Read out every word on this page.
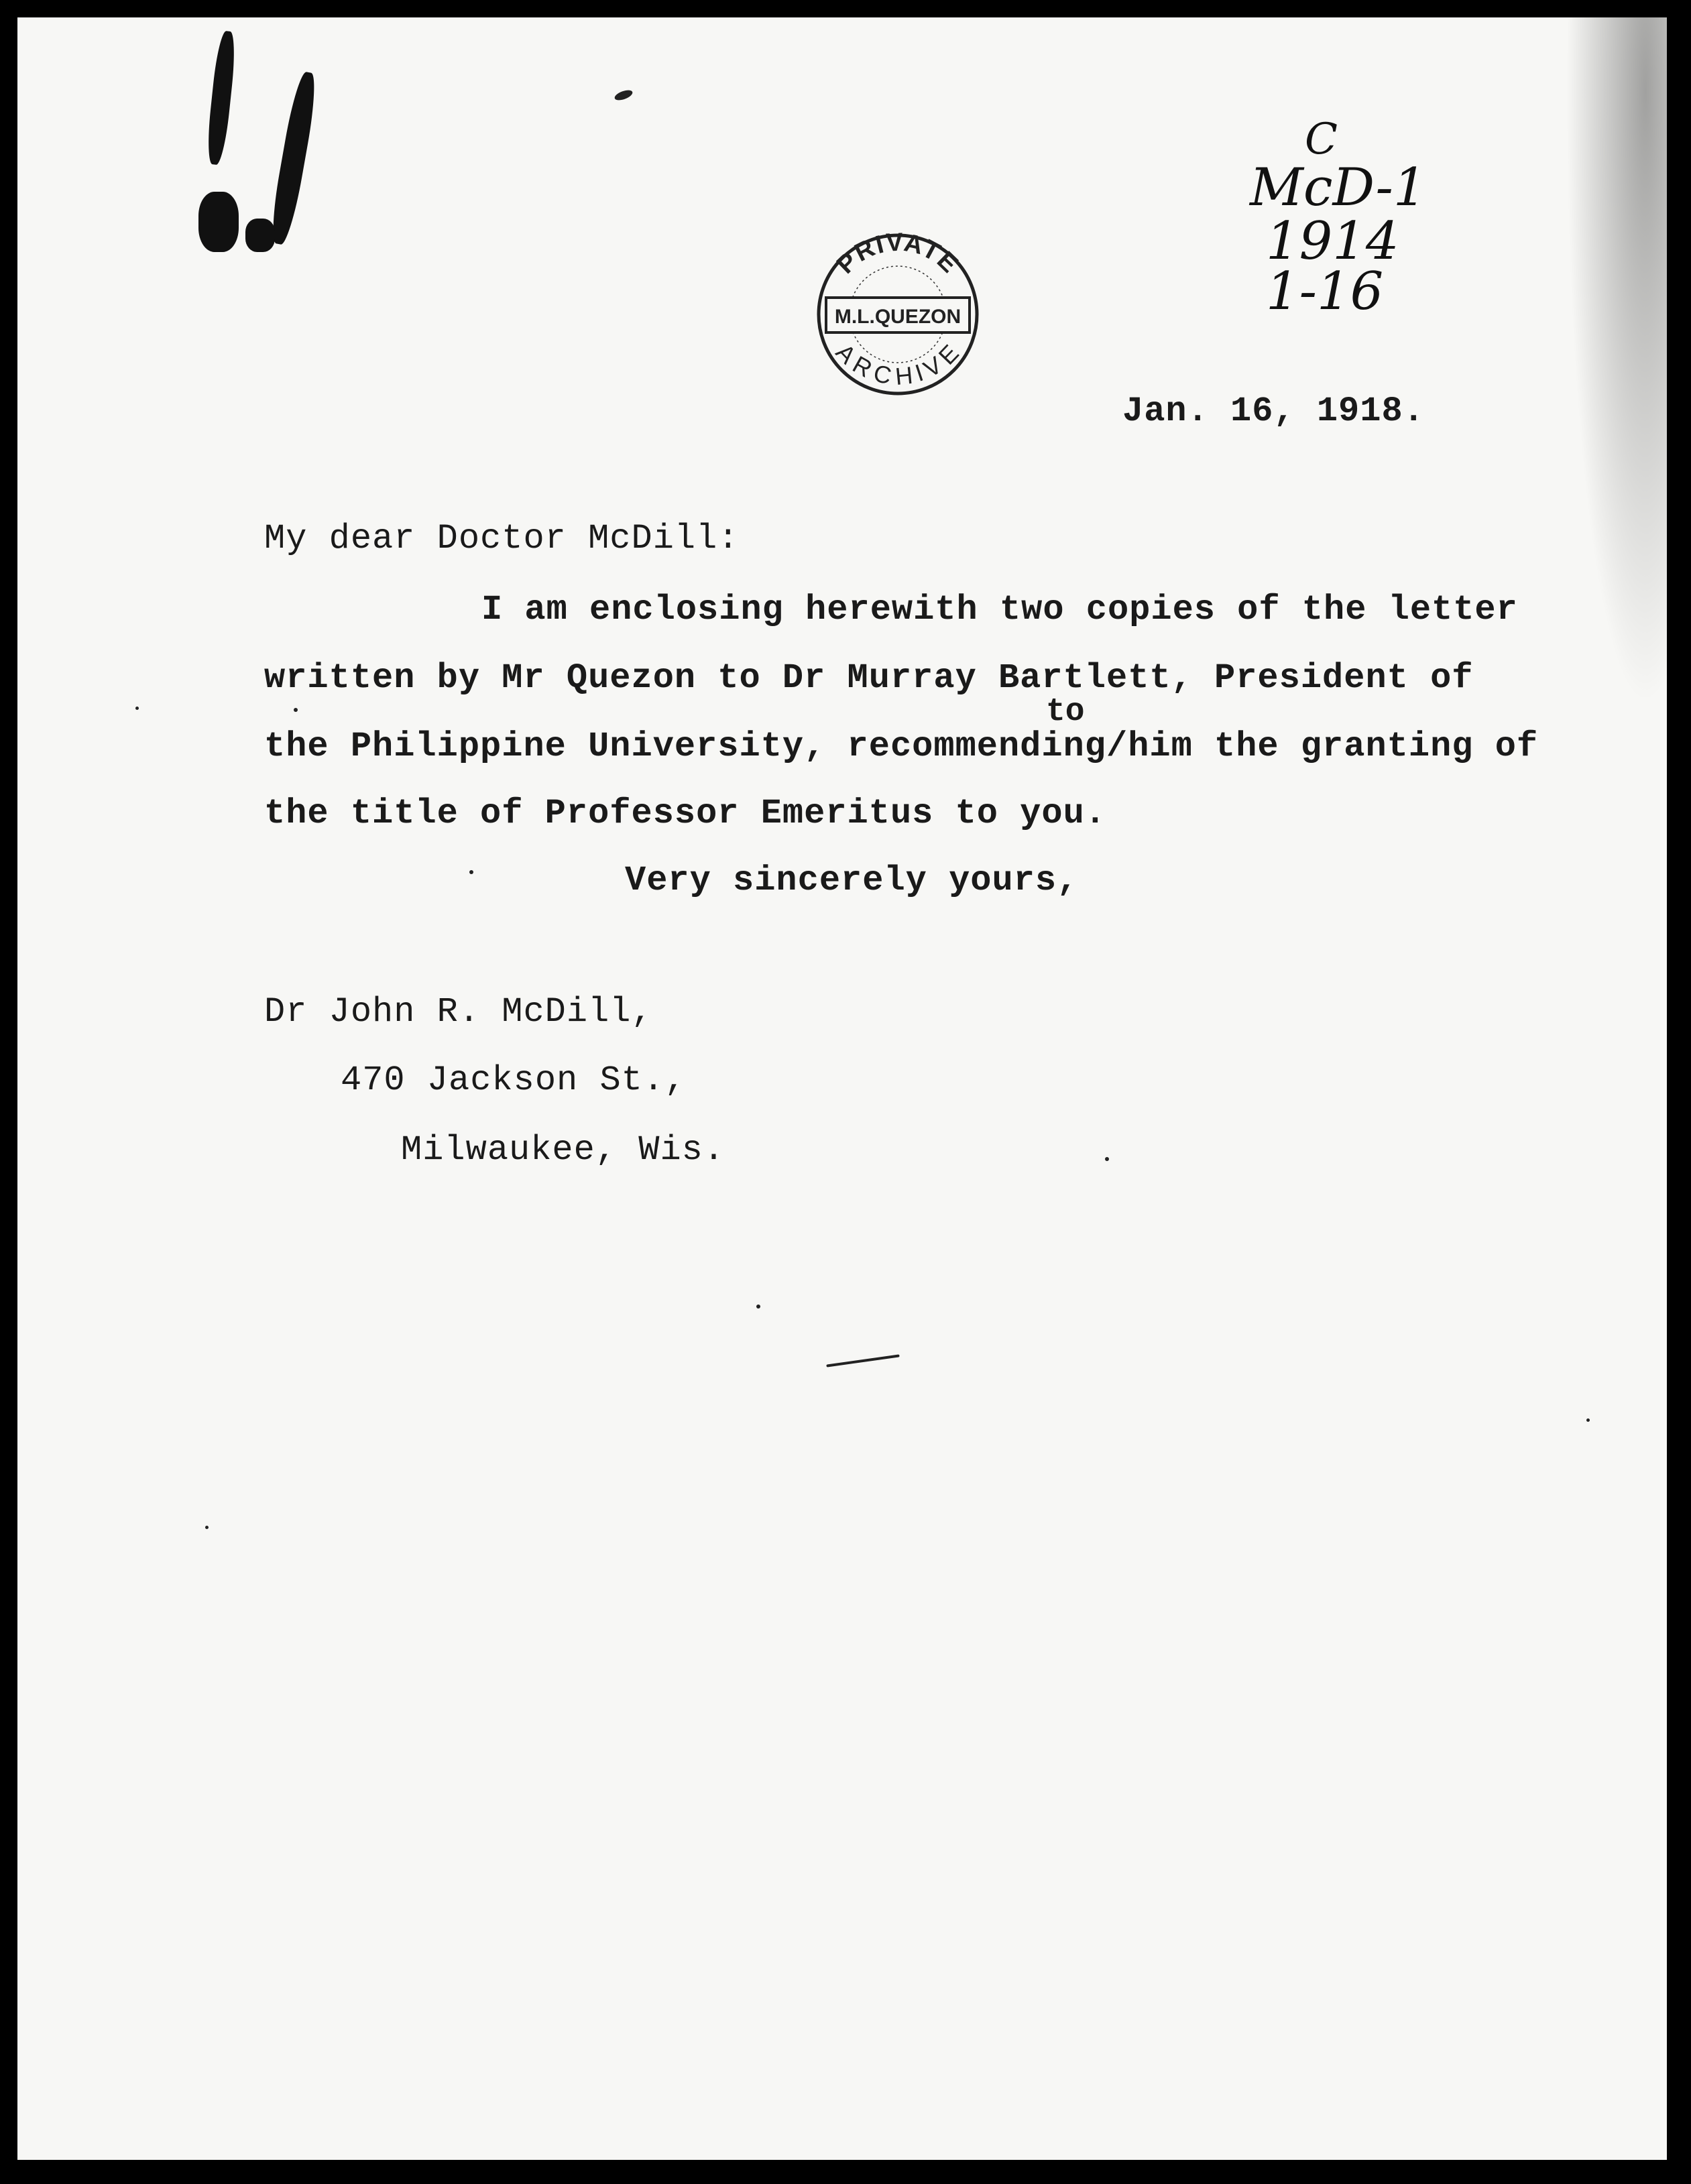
C
McD-1
1914
1-16
PRIVATE
M.L.QUEZON
ARCHIVE
Jan. 16, 1918.
My dear Doctor McDill:
I am enclosing herewith two copies of the letter
written by Mr Quezon to Dr Murray Bartlett, President of
to
the Philippine University, recommending/him the granting of
the title of Professor Emeritus to you.
Very sincerely yours,
Dr John R. McDill,
470 Jackson St.,
Milwaukee, Wis.
